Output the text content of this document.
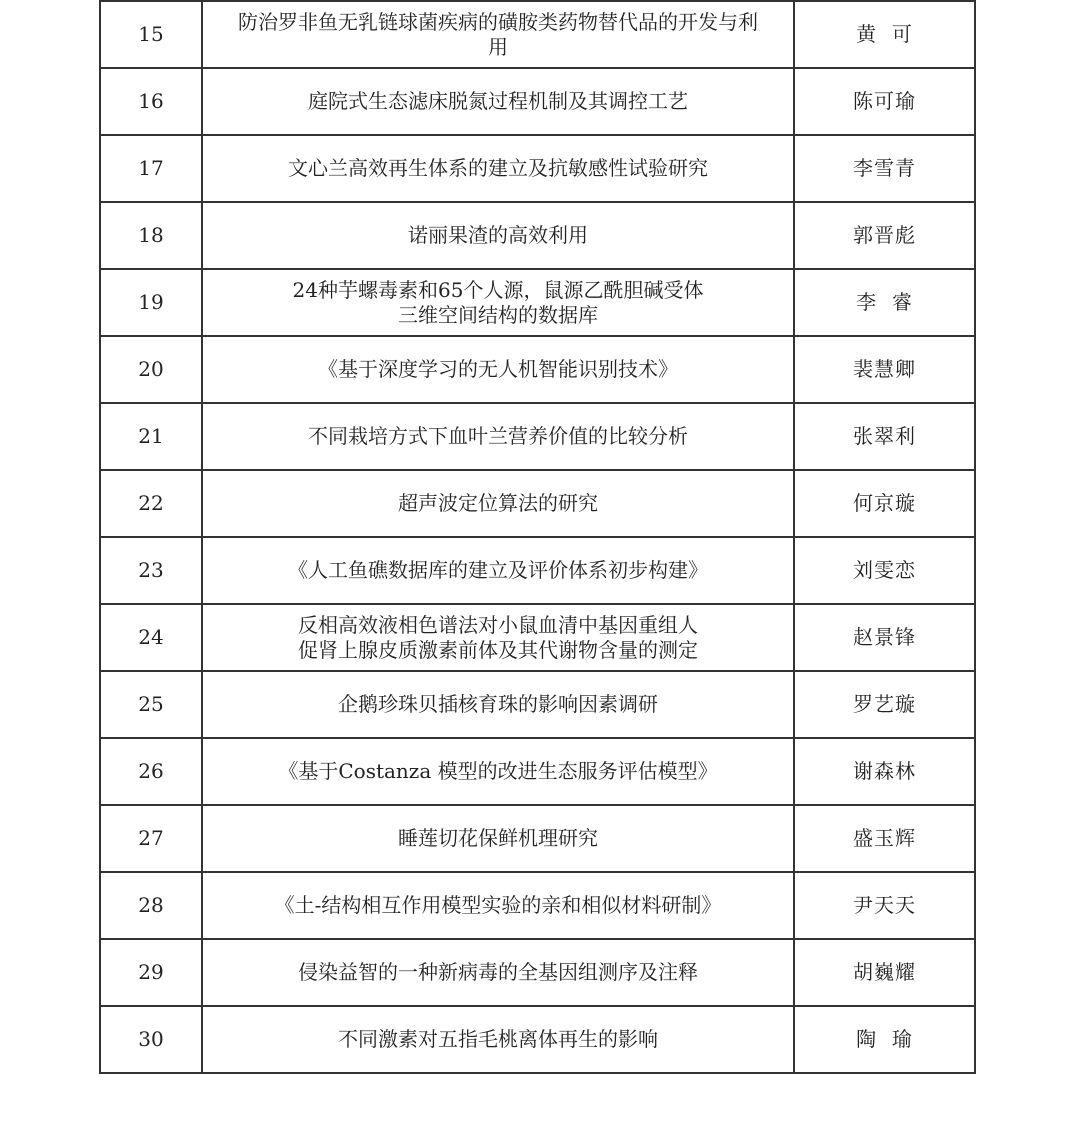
15	防治罗非鱼无乳链球菌疾病的磺胺类药物替代品的开发与利
用	黄  可
16	庭院式生态滤床脱氮过程机制及其调控工艺	陈可瑜
17	文心兰高效再生体系的建立及抗敏感性试验研究	李雪青
18	诺丽果渣的高效利用	郭晋彪
19	24种芋螺毒素和65个人源，鼠源乙酰胆碱受体
三维空间结构的数据库	李  睿
20	《基于深度学习的无人机智能识别技术》	裴慧卿
21	不同栽培方式下血叶兰营养价值的比较分析	张翠利
22	超声波定位算法的研究	何京璇
23	《人工鱼礁数据库的建立及评价体系初步构建》	刘雯恋
24	反相高效液相色谱法对小鼠血清中基因重组人
促肾上腺皮质激素前体及其代谢物含量的测定	赵景锋
25	企鹅珍珠贝插核育珠的影响因素调研	罗艺璇
26	《基于Costanza 模型的改进生态服务评估模型》	谢森林
27	睡莲切花保鲜机理研究	盛玉辉
28	《土-结构相互作用模型实验的亲和相似材料研制》	尹天天
29	侵染益智的一种新病毒的全基因组测序及注释	胡巍耀
30	不同激素对五指毛桃离体再生的影响	陶  瑜
